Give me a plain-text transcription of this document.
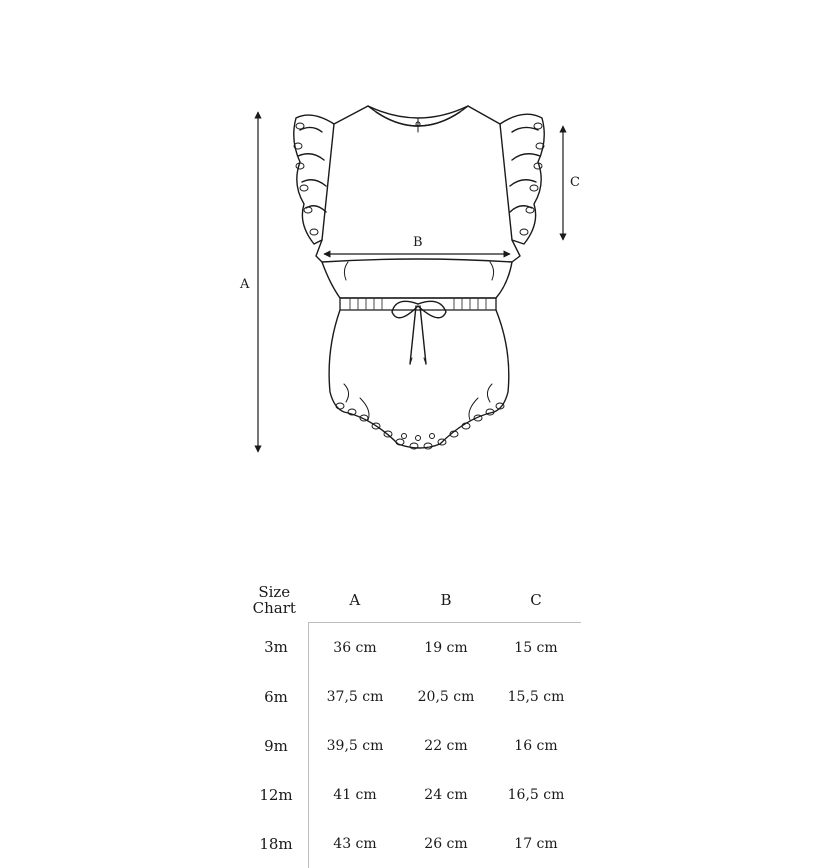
A
C
B
Size
Chart	A	B	C
3m	36 cm	19 cm	15 cm
6m	37,5 cm	20,5 cm	15,5 cm
9m	39,5 cm	22 cm	16 cm
12m	41 cm	24 cm	16,5 cm
18m	43 cm	26 cm	17 cm
